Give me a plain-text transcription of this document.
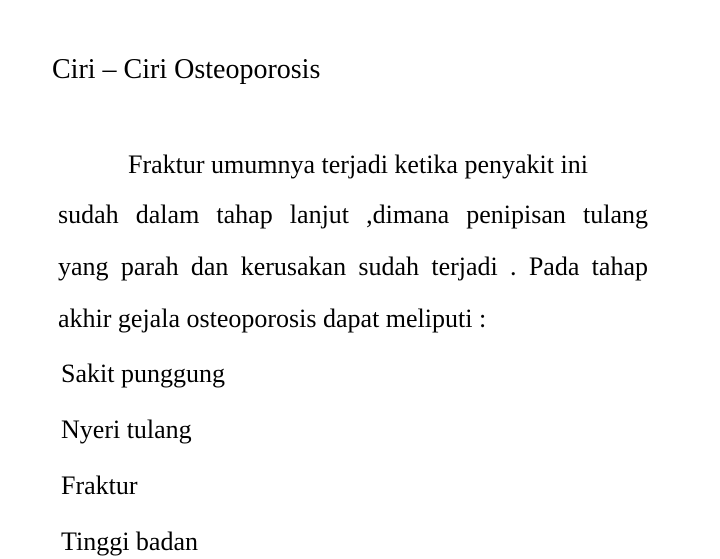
Ciri – Ciri Osteoporosis
Fraktur umumnya terjadi ketika penyakit ini
sudah dalam tahap lanjut ,dimana penipisan tulang
yang parah dan kerusakan sudah terjadi . Pada tahap
akhir gejala osteoporosis dapat meliputi :
Sakit punggung
Nyeri tulang
Fraktur
Tinggi badan
